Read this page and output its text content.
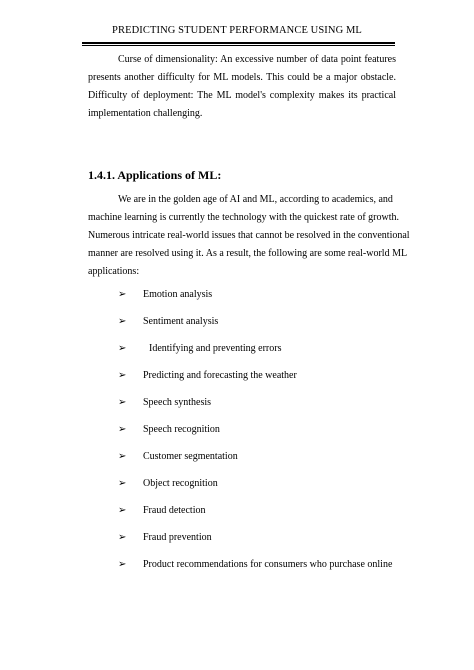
PREDICTING STUDENT PERFORMANCE USING ML
Curse of dimensionality: An excessive number of data point features
presents another difficulty for ML models. This could be a major obstacle.
Difficulty of deployment: The ML model's complexity makes its practical
implementation challenging.
1.4.1. Applications of ML:
We are in the golden age of AI and ML, according to academics, and
machine learning is currently the technology with the quickest rate of growth.
Numerous intricate real-world issues that cannot be resolved in the conventional
manner are resolved using it. As a result, the following are some real-world ML
applications:
➢ Emotion analysis
➢ Sentiment analysis
➢ Identifying and preventing errors
➢ Predicting and forecasting the weather
➢ Speech synthesis
➢ Speech recognition
➢ Customer segmentation
➢ Object recognition
➢ Fraud detection
➢ Fraud prevention
➢ Product recommendations for consumers who purchase online
